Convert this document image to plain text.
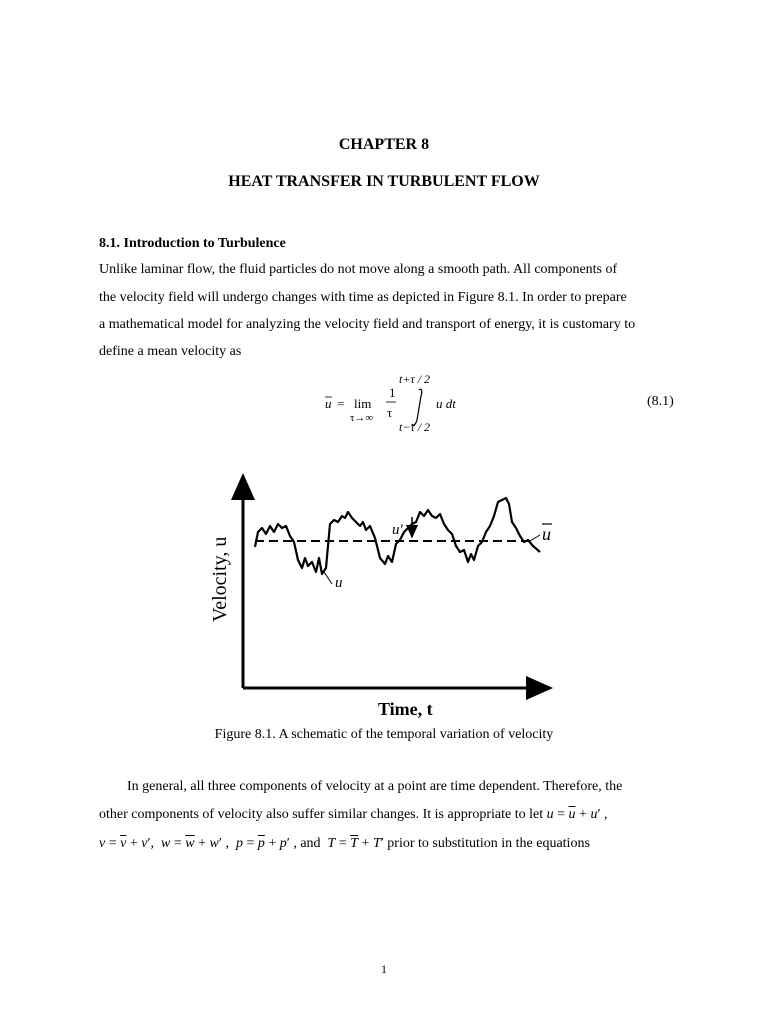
CHAPTER 8
HEAT TRANSFER IN TURBULENT FLOW
8.1. Introduction to Turbulence
Unlike laminar flow, the fluid particles do not move along a smooth path. All components of
the velocity field will undergo changes with time as depicted in Figure 8.1. In order to prepare
a mathematical model for analyzing the velocity field and transport of energy, it is customary to
define a mean velocity as
u = lim
τ→∞
1
τ
t+τ / 2
t−τ / 2
u dt	(8.1)
u'	u
u
Velocity, u
Time, t
Figure 8.1. A schematic of the temporal variation of velocity
In general, all three components of velocity at a point are time dependent. Therefore, the
other components of velocity also suffer similar changes. It is appropriate to let $u = \overline{u} + u'$ ,
$v = \overline{v} + v'$,  $w = \overline{w} + w'$ ,  $p = \overline{p} + p'$ , and  $T = \overline{T} + T'$ prior to substitution in the equations
1
